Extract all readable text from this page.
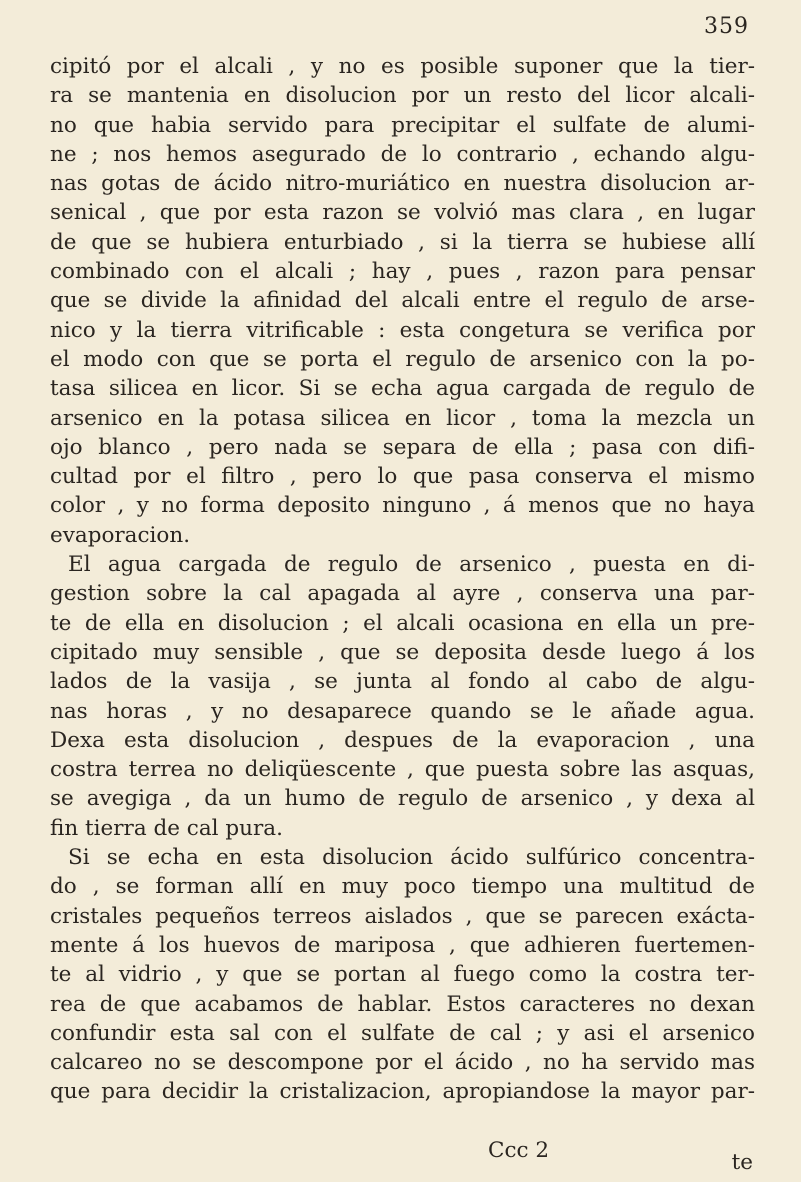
359
cipitó por el alcali , y no es posible suponer que la tier-
ra se mantenia en disolucion por un resto del licor alcali-
no que habia servido para precipitar el sulfate de alumi-
ne ; nos hemos asegurado de lo contrario , echando algu-
nas gotas de ácido nitro-muriático en nuestra disolucion ar-
senical , que por esta razon se volvió mas clara , en lugar
de que se hubiera enturbiado , si la tierra se hubiese allí
combinado con el alcali ; hay , pues , razon para pensar
que se divide la afinidad del alcali entre el regulo de arse-
nico y la tierra vitrificable : esta congetura se verifica por
el modo con que se porta el regulo de arsenico con la po-
tasa silicea en licor. Si se echa agua cargada de regulo de
arsenico en la potasa silicea en licor , toma la mezcla un
ojo blanco , pero nada se separa de ella ; pasa con difi-
cultad por el filtro , pero lo que pasa conserva el mismo
color , y no forma deposito ninguno , á menos que no haya
evaporacion.
El agua cargada de regulo de arsenico , puesta en di-
gestion sobre la cal apagada al ayre , conserva una par-
te de ella en disolucion ; el alcali ocasiona en ella un pre-
cipitado muy sensible , que se deposita desde luego á los
lados de la vasija , se junta al fondo al cabo de algu-
nas horas , y no desaparece quando se le añade agua.
Dexa esta disolucion , despues de la evaporacion , una
costra terrea no deliqüescente , que puesta sobre las asquas,
se avegiga , da un humo de regulo de arsenico , y dexa al
fin tierra de cal pura.
Si se echa en esta disolucion ácido sulfúrico concentra-
do , se forman allí en muy poco tiempo una multitud de
cristales pequeños terreos aislados , que se parecen exácta-
mente á los huevos de mariposa , que adhieren fuertemen-
te al vidrio , y que se portan al fuego como la costra ter-
rea de que acabamos de hablar. Estos caracteres no dexan
confundir esta sal con el sulfate de cal ; y asi el arsenico
calcareo no se descompone por el ácido , no ha servido mas
que para decidir la cristalizacion, apropiandose la mayor par-
Ccc 2	te
